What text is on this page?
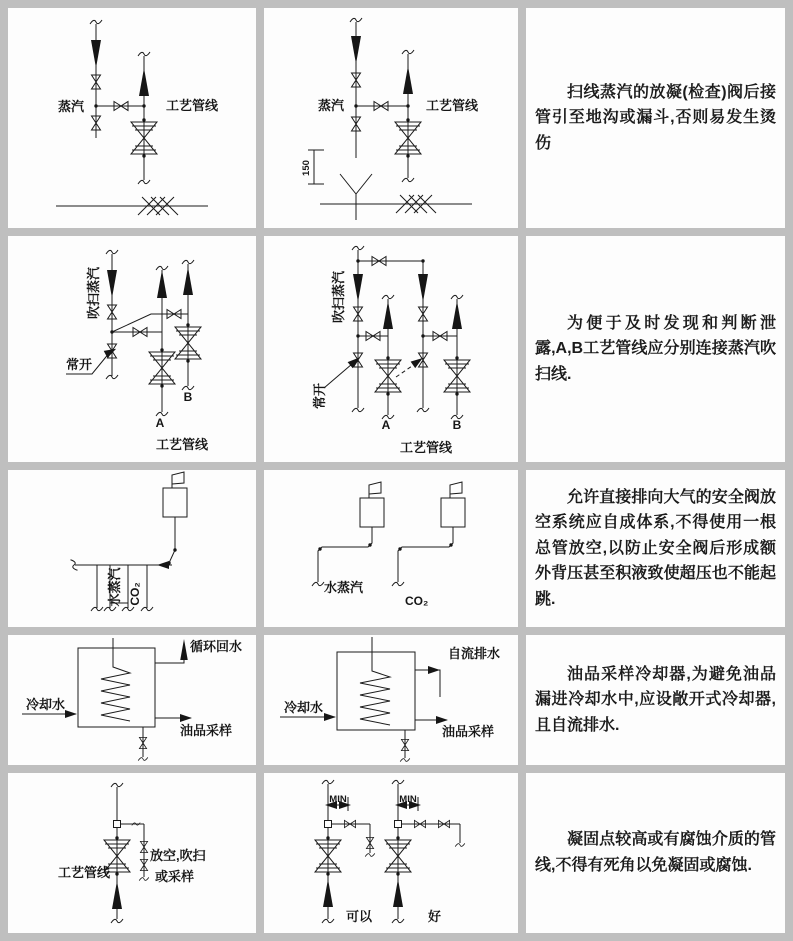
蒸汽	工艺管线
150
蒸汽	工艺管线

扫线蒸汽的放凝(检查)阀后接管引至地沟或漏斗,否则易发生烫伤

吹扫蒸汽
常开
A
B
工艺管线
吹扫蒸汽
常开
A	B
工艺管线

为便于及时发现和判断泄露,A,B工艺管线应分别连接蒸汽吹扫线.

水蒸汽 CO₂	水蒸汽
CO₂

允许直接排向大气的安全阀放空系统应自成体系,不得使用一根总管放空,以防止安全阀后形成额外背压甚至积液致使超压也不能起跳.

冷却水
循环回水
油品采样
冷却水
自流排水
油品采样

油品采样冷却器,为避免油品漏进冷却水中,应设敞开式冷却器,且自流排水.

工艺管线
放空,吹扫
或采样
MIN	MIN
可以	好

凝固点较高或有腐蚀介质的管线,不得有死角以免凝固或腐蚀.
